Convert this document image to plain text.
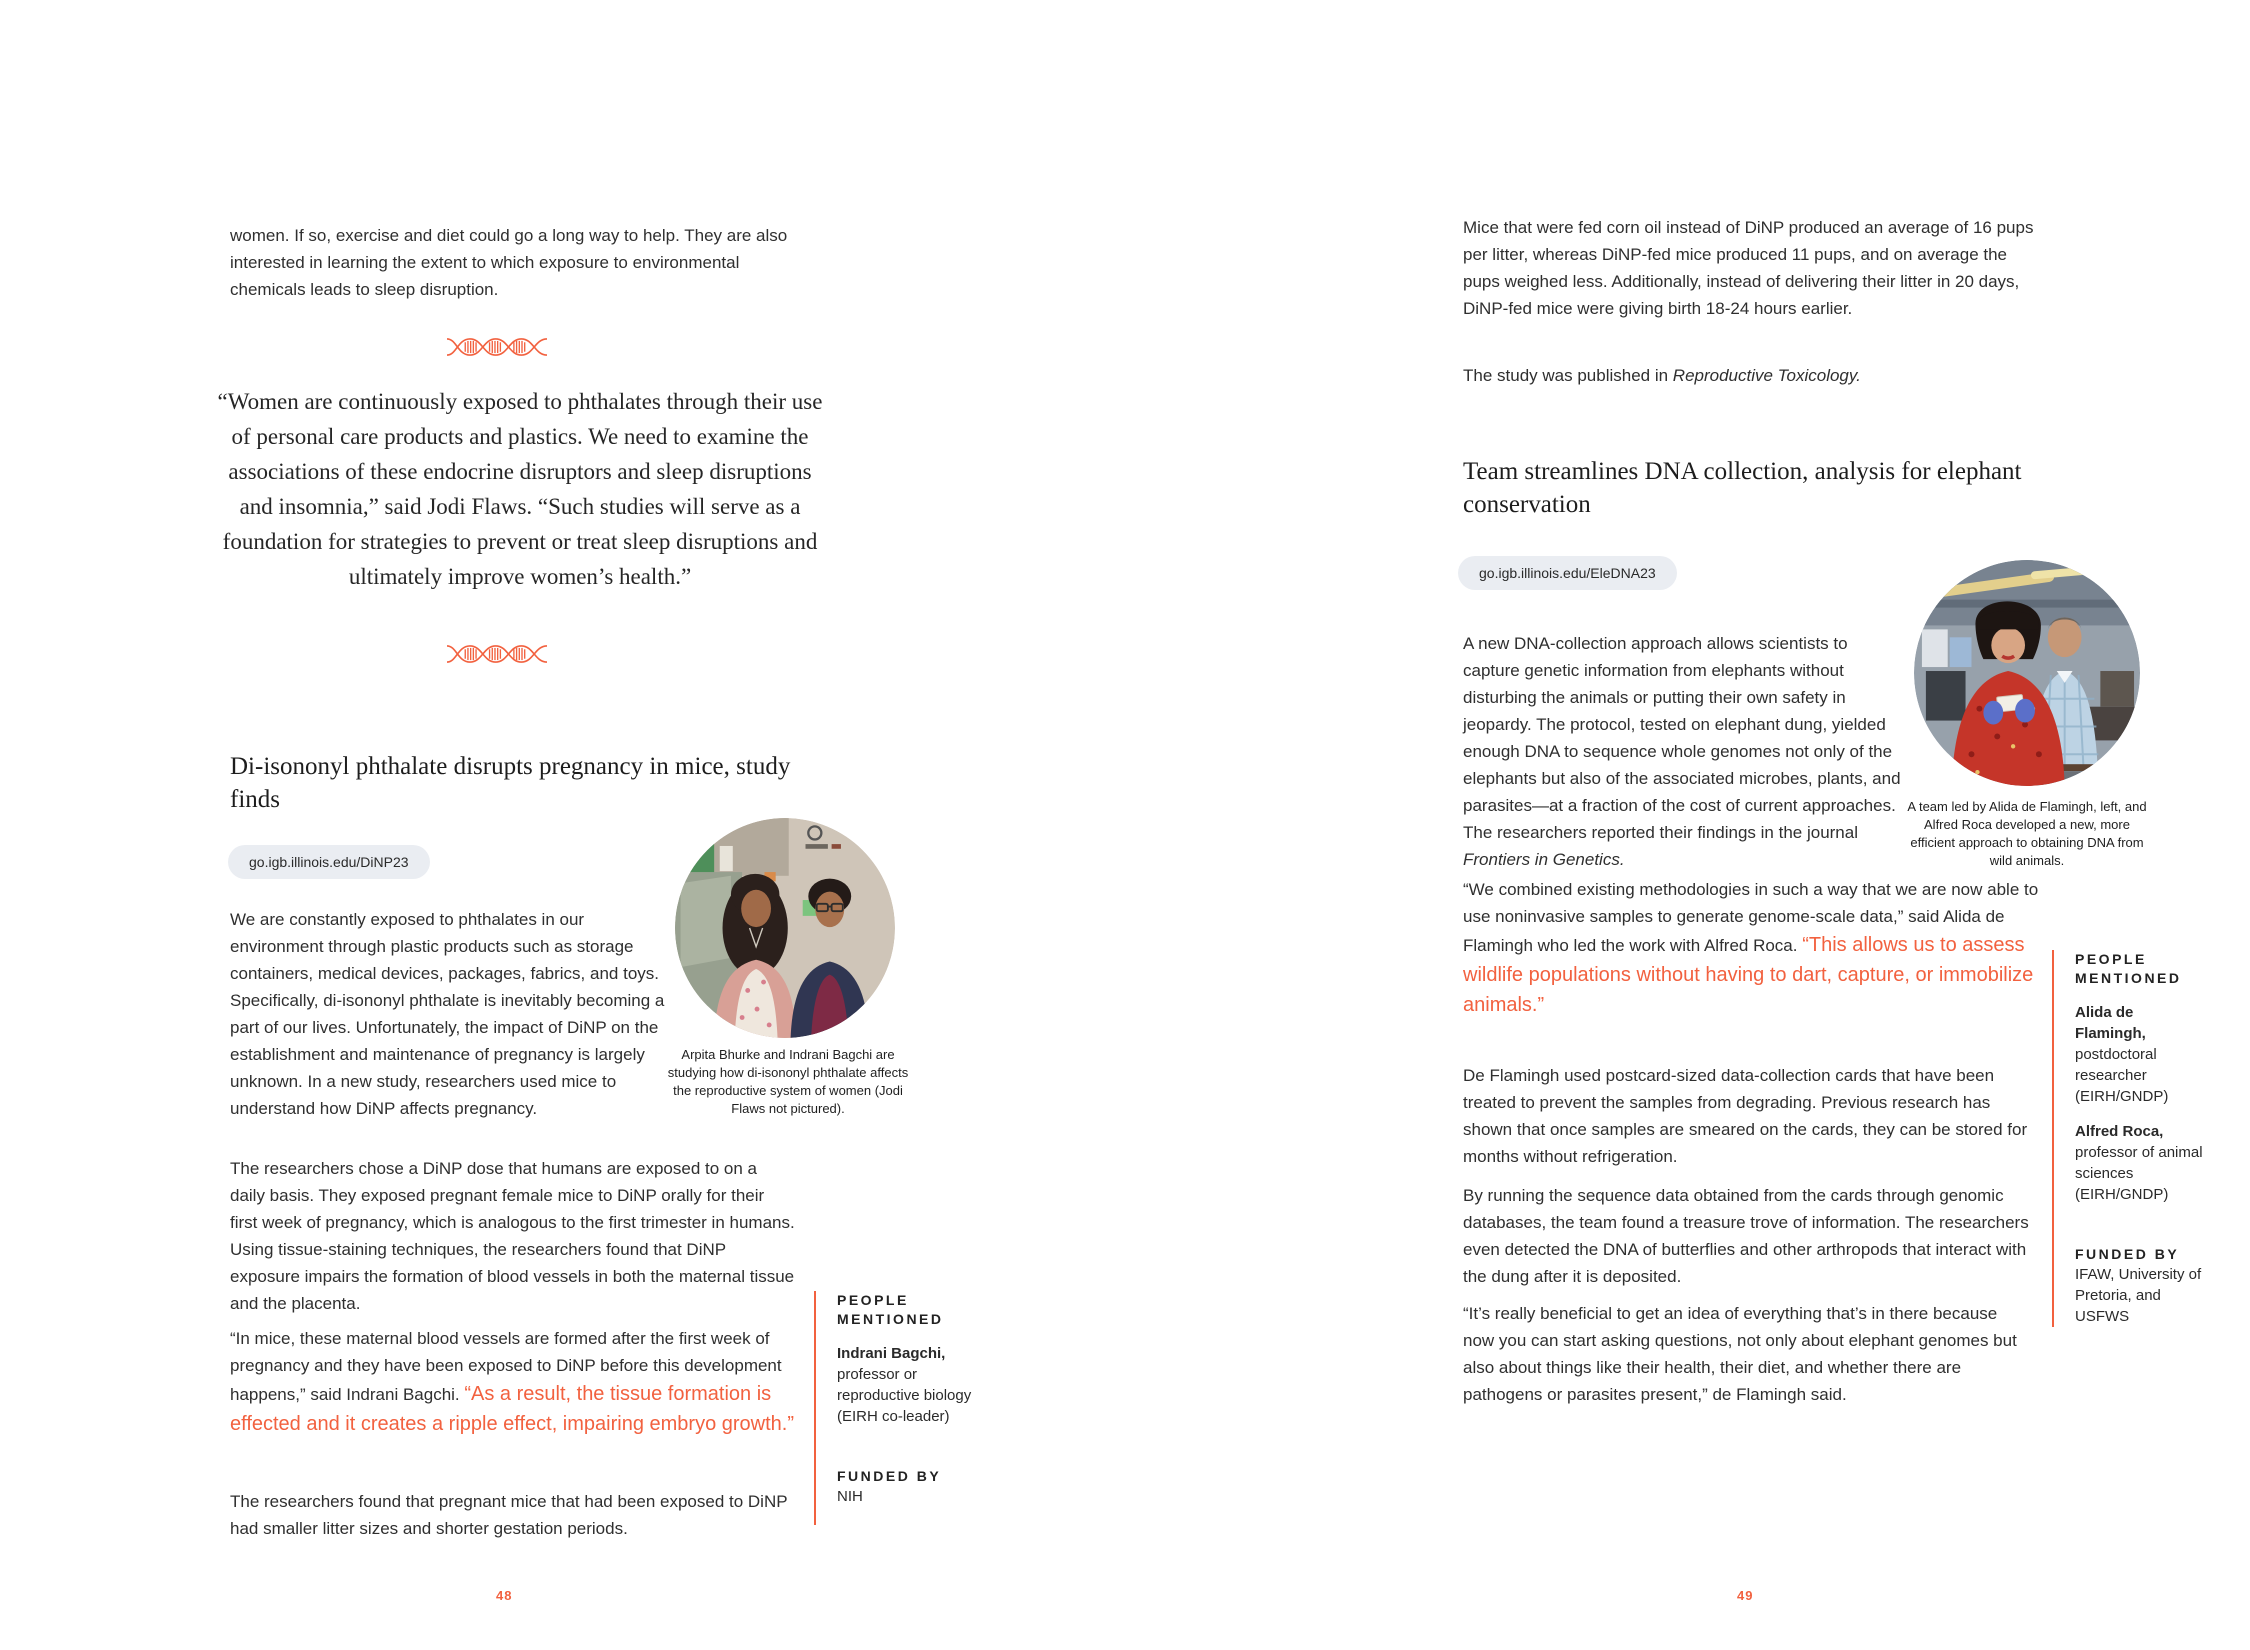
women. If so, exercise and diet could go a long way to help. They are also interested in learning the extent to which exposure to environmental chemicals leads to sleep disruption.

“Women are continuously exposed to phthalates through their use of personal care products and plastics. We need to examine the associations of these endocrine disruptors and sleep disruptions and insomnia,” said Jodi Flaws. “Such studies will serve as a foundation for strategies to prevent or treat sleep disruptions and ultimately improve women’s health.”

Di-isononyl phthalate disrupts pregnancy in mice, study finds
go.igb.illinois.edu/DiNP23

Arpita Bhurke and Indrani Bagchi are studying how di-isononyl phthalate affects the reproductive system of women (Jodi Flaws not pictured).

We are constantly exposed to phthalates in our environment through plastic products such as storage containers, medical devices, packages, fabrics, and toys. Specifically, di-isononyl phthalate is inevitably becoming a part of our lives. Unfortunately, the impact of DiNP on the establishment and maintenance of pregnancy is largely unknown. In a new study, researchers used mice to understand how DiNP affects pregnancy.

The researchers chose a DiNP dose that humans are exposed to on a daily basis. They exposed pregnant female mice to DiNP orally for their first week of pregnancy, which is analogous to the first trimester in humans. Using tissue-staining techniques, the researchers found that DiNP exposure impairs the formation of blood vessels in both the maternal tissue and the placenta.

“In mice, these maternal blood vessels are formed after the first week of pregnancy and they have been exposed to DiNP before this development happens,” said Indrani Bagchi. “As a result, the tissue formation is effected and it creates a ripple effect, impairing embryo growth.”

The researchers found that pregnant mice that had been exposed to DiNP had smaller litter sizes and shorter gestation periods.

PEOPLE MENTIONED
Indrani Bagchi, professor or reproductive biology (EIRH co-leader)
FUNDED BY
NIH
48

Mice that were fed corn oil instead of DiNP produced an average of 16 pups per litter, whereas DiNP-fed mice produced 11 pups, and on average the pups weighed less. Additionally, instead of delivering their litter in 20 days, DiNP-fed mice were giving birth 18-24 hours earlier.

The study was published in Reproductive Toxicology.

Team streamlines DNA collection, analysis for elephant conservation
go.igb.illinois.edu/EleDNA23

A team led by Alida de Flamingh, left, and Alfred Roca developed a new, more efficient approach to obtaining DNA from wild animals.

A new DNA-collection approach allows scientists to capture genetic information from elephants without disturbing the animals or putting their own safety in jeopardy. The protocol, tested on elephant dung, yielded enough DNA to sequence whole genomes not only of the elephants but also of the associated microbes, plants, and parasites—at a fraction of the cost of current approaches. The researchers reported their findings in the journal Frontiers in Genetics.

“We combined existing methodologies in such a way that we are now able to use noninvasive samples to generate genome-scale data,” said Alida de Flamingh who led the work with Alfred Roca. “This allows us to assess wildlife populations without having to dart, capture, or immobilize animals.”

De Flamingh used postcard-sized data-collection cards that have been treated to prevent the samples from degrading. Previous research has shown that once samples are smeared on the cards, they can be stored for months without refrigeration.

By running the sequence data obtained from the cards through genomic databases, the team found a treasure trove of information. The researchers even detected the DNA of butterflies and other arthropods that interact with the dung after it is deposited.

“It’s really beneficial to get an idea of everything that’s in there because now you can start asking questions, not only about elephant genomes but also about things like their health, their diet, and whether there are pathogens or parasites present,” de Flamingh said.

PEOPLE MENTIONED
Alida de Flamingh, postdoctoral researcher (EIRH/GNDP)
Alfred Roca, professor of animal sciences (EIRH/GNDP)
FUNDED BY
IFAW, University of Pretoria, and USFWS
49
